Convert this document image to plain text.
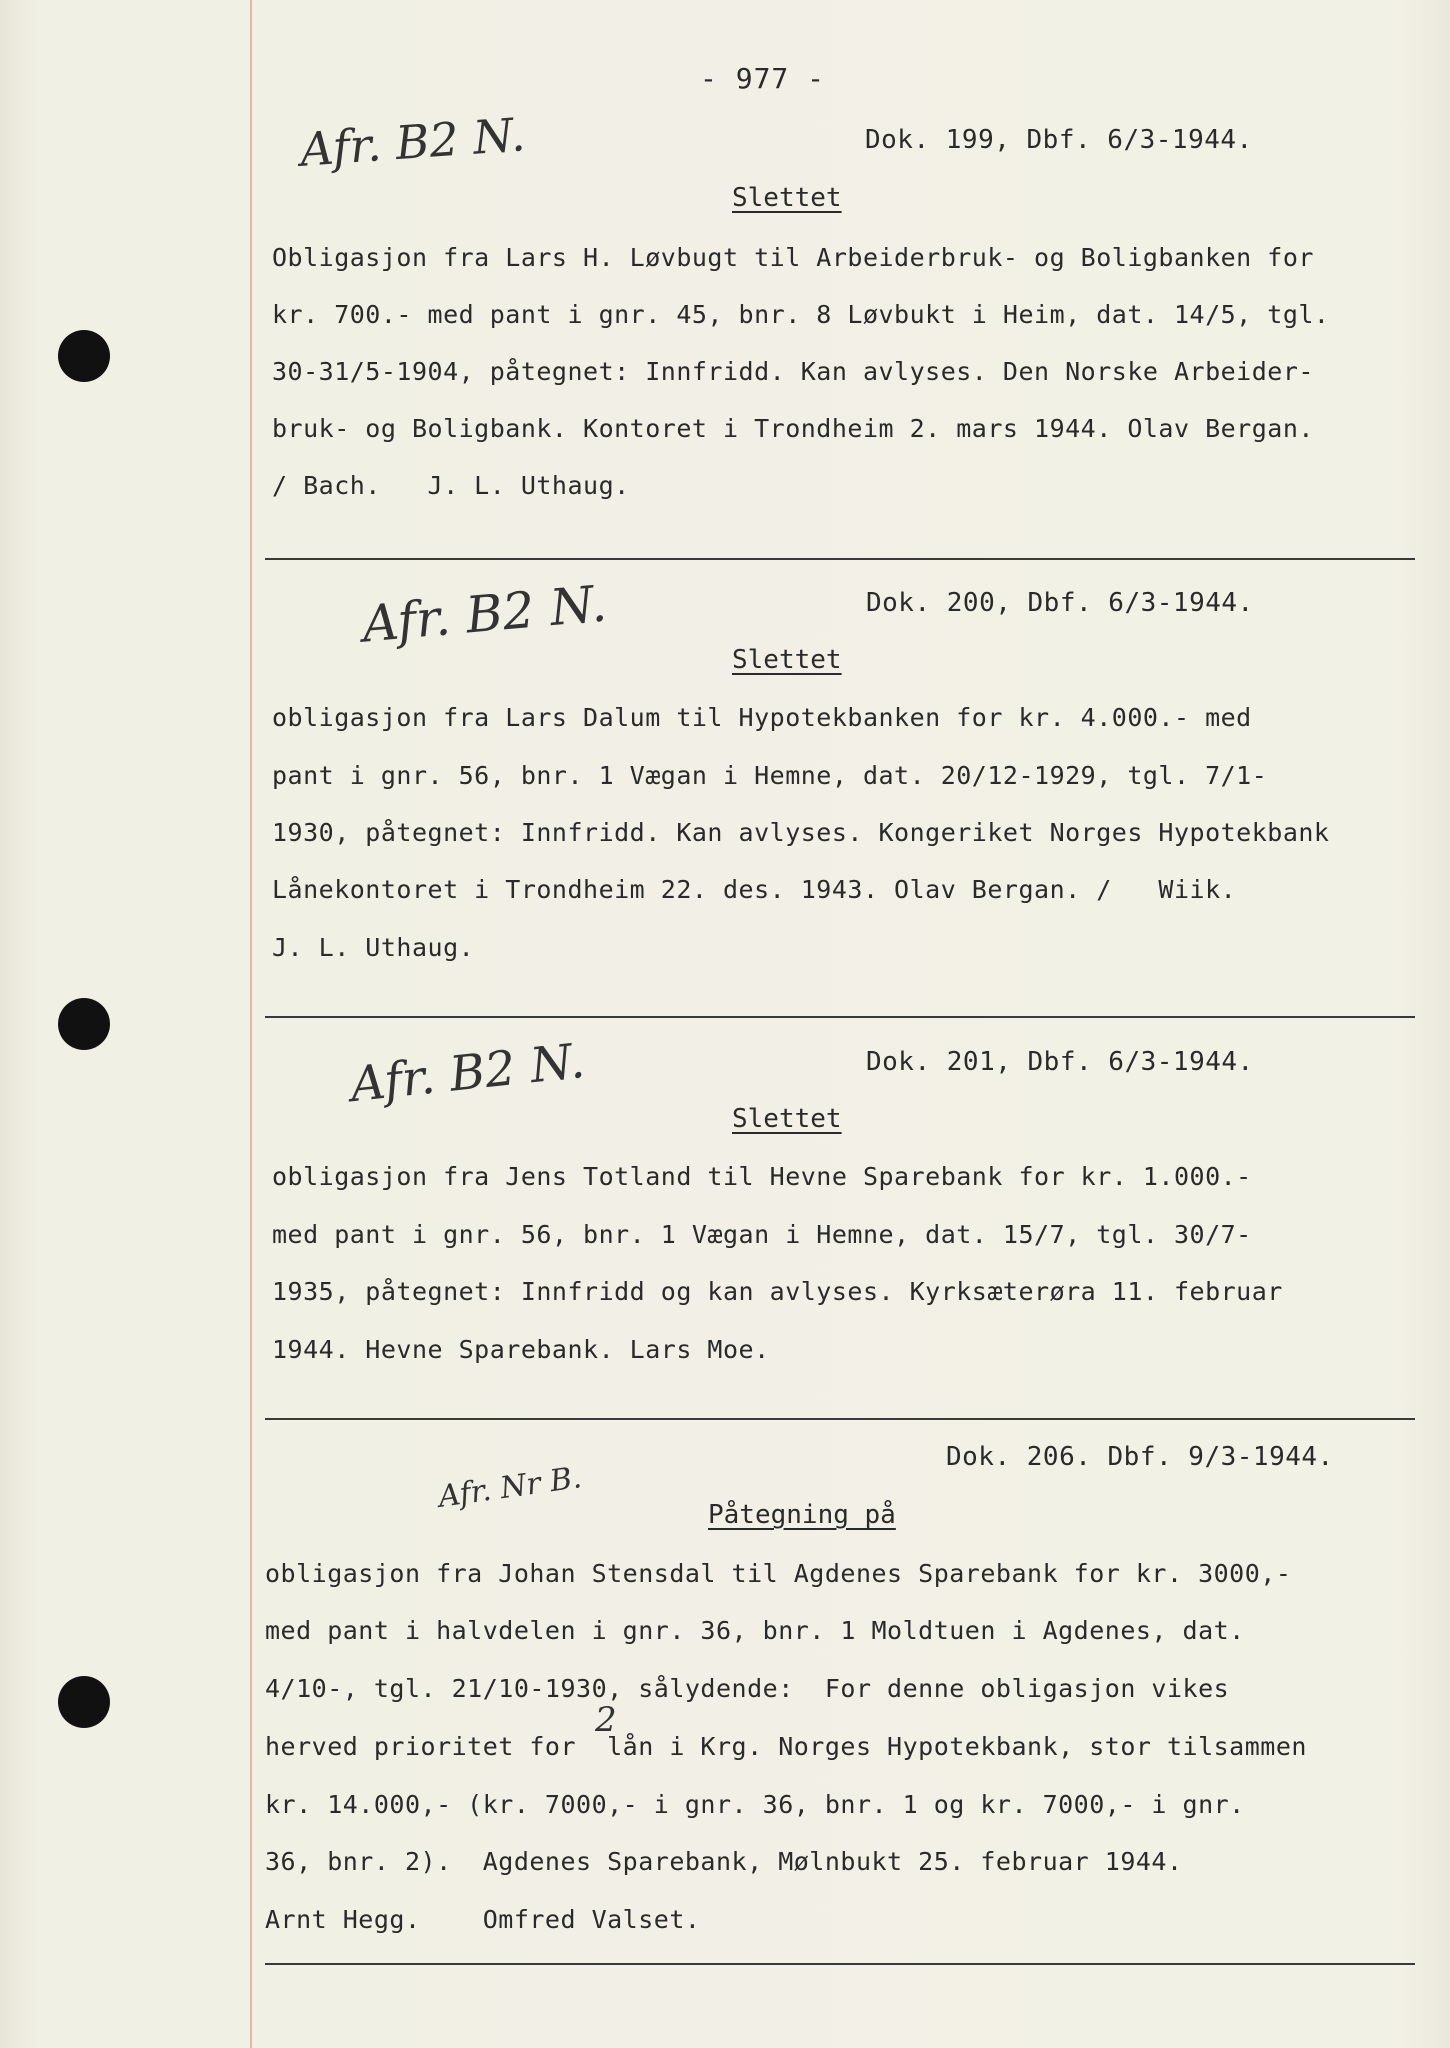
- 977 -
Afr. B2 N.	Dok. 199, Dbf. 6/3-1944.
Slettet
Obligasjon fra Lars H. Løvbugt til Arbeiderbruk- og Boligbanken for
kr. 700.- med pant i gnr. 45, bnr. 8 Løvbukt i Heim, dat. 14/5, tgl.
30-31/5-1904, påtegnet: Innfridd. Kan avlyses. Den Norske Arbeider-
bruk- og Boligbank. Kontoret i Trondheim 2. mars 1944. Olav Bergan.
/ Bach.   J. L. Uthaug.
Afr. B2 N.	Dok. 200, Dbf. 6/3-1944.
Slettet
obligasjon fra Lars Dalum til Hypotekbanken for kr. 4.000.- med
pant i gnr. 56, bnr. 1 Vægan i Hemne, dat. 20/12-1929, tgl. 7/1-
1930, påtegnet: Innfridd. Kan avlyses. Kongeriket Norges Hypotekbank
Lånekontoret i Trondheim 22. des. 1943. Olav Bergan. /   Wiik.
J. L. Uthaug.
Afr. B2 N.	Dok. 201, Dbf. 6/3-1944.
Slettet
obligasjon fra Jens Totland til Hevne Sparebank for kr. 1.000.-
med pant i gnr. 56, bnr. 1 Vægan i Hemne, dat. 15/7, tgl. 30/7-
1935, påtegnet: Innfridd og kan avlyses. Kyrksæterøra 11. februar
1944. Hevne Sparebank. Lars Moe.
Afr. Nr B.
Dok. 206. Dbf. 9/3-1944.
Påtegning på
obligasjon fra Johan Stensdal til Agdenes Sparebank for kr. 3000,-
med pant i halvdelen i gnr. 36, bnr. 1 Moldtuen i Agdenes, dat.
4/10-, tgl. 21/10-1930, sålydende:  For denne obligasjon vikes
2
herved prioritet for  lån i Krg. Norges Hypotekbank, stor tilsammen
kr. 14.000,- (kr. 7000,- i gnr. 36, bnr. 1 og kr. 7000,- i gnr.
36, bnr. 2).  Agdenes Sparebank, Mølnbukt 25. februar 1944.
Arnt Hegg.    Omfred Valset.
